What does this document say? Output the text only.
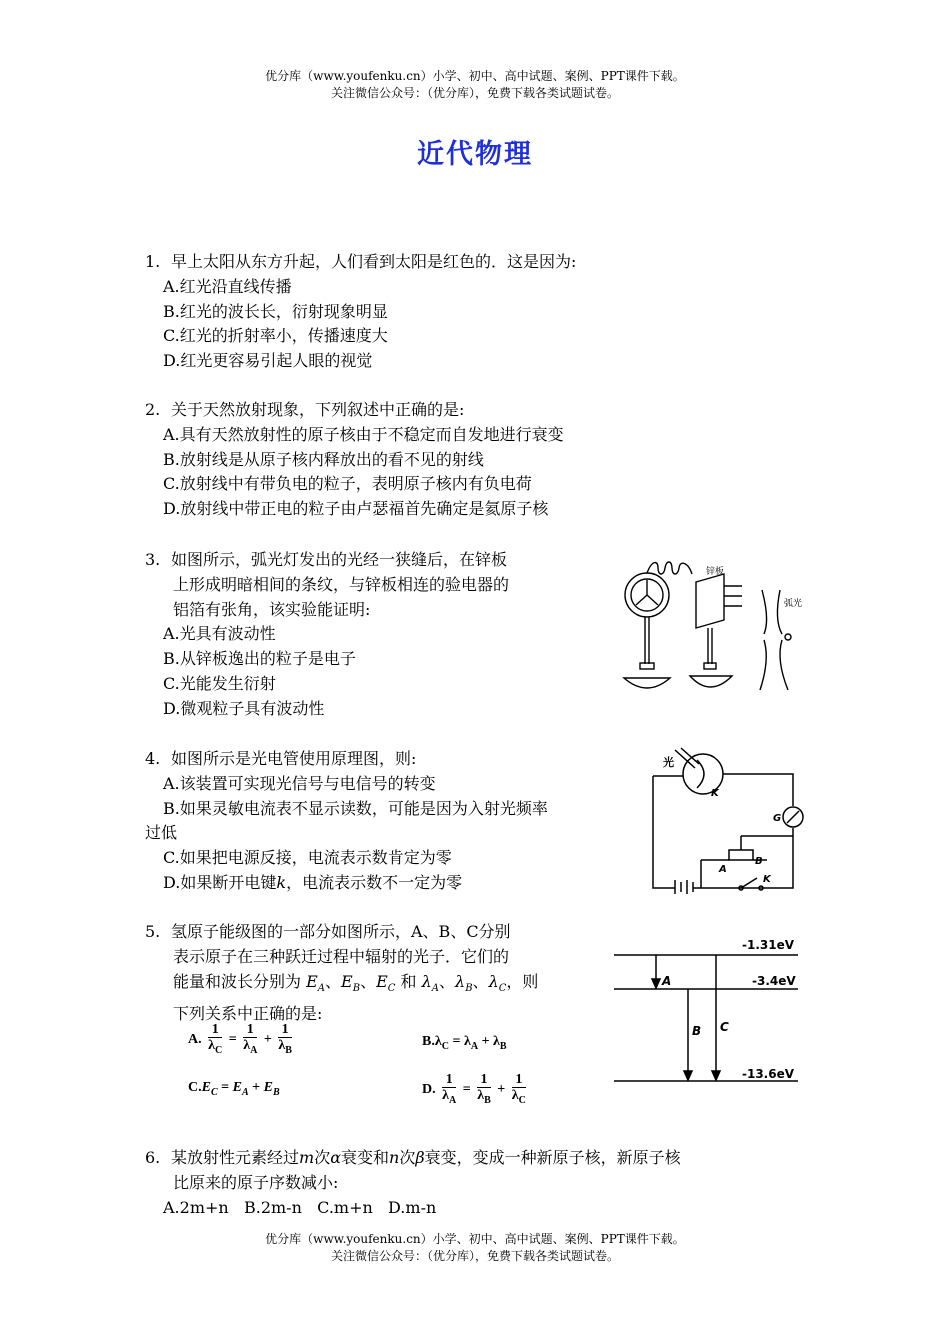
优分库（www.youfenku.cn）小学、初中、高中试题、案例、PPT课件下载。
关注微信公众号：（优分库），免费下载各类试题试卷。
近代物理
1. 早上太阳从东方升起，人们看到太阳是红色的．这是因为:
A.红光沿直线传播
B.红光的波长长，衍射现象明显
C.红光的折射率小，传播速度大
D.红光更容易引起人眼的视觉
2. 关于天然放射现象，下列叙述中正确的是:
A.具有天然放射性的原子核由于不稳定而自发地进行衰变
B.放射线是从原子核内释放出的看不见的射线
C.放射线中有带负电的粒子，表明原子核内有负电荷
D.放射线中带正电的粒子由卢瑟福首先确定是氦原子核
3. 如图所示，弧光灯发出的光经一狭缝后，在锌板
上形成明暗相间的条纹，与锌板相连的验电器的
铝箔有张角，该实验能证明:
A.光具有波动性
B.从锌板逸出的粒子是电子
C.光能发生衍射
D.微观粒子具有波动性
锌板
弧光
4. 如图所示是光电管使用原理图，则:
A.该装置可实现光信号与电信号的转变
B.如果灵敏电流表不显示读数，可能是因为入射光频率
过低
C.如果把电源反接，电流表示数肯定为零
D.如果断开电键k，电流表示数不一定为零
光
K
G
A
B
K
5. 氢原子能级图的一部分如图所示，A、B、C分别
表示原子在三种跃迁过程中辐射的光子．它们的
能量和波长分别为 $E_A$、$E_B$、$E_C$ 和 $\lambda_A$、$\lambda_B$、$\lambda_C$，则
下列关系中正确的是:
A. $\frac{1}{\lambda_C} = \frac{1}{\lambda_A} + \frac{1}{\lambda_B}$	$B.\lambda_C = \lambda_A + \lambda_B$
$C.E_C = E_A + E_B$	D. $\frac{1}{\lambda_A} = \frac{1}{\lambda_B} + \frac{1}{\lambda_C}$
-1.31eV
-3.4eV
-13.6eV
A
B C
6. 某放射性元素经过m次α衰变和n次β衰变，变成一种新原子核，新原子核
比原来的原子序数减小:
A.2m+n B.2m-n C.m+n D.m-n
优分库（www.youfenku.cn）小学、初中、高中试题、案例、PPT课件下载。
关注微信公众号：（优分库），免费下载各类试题试卷。
